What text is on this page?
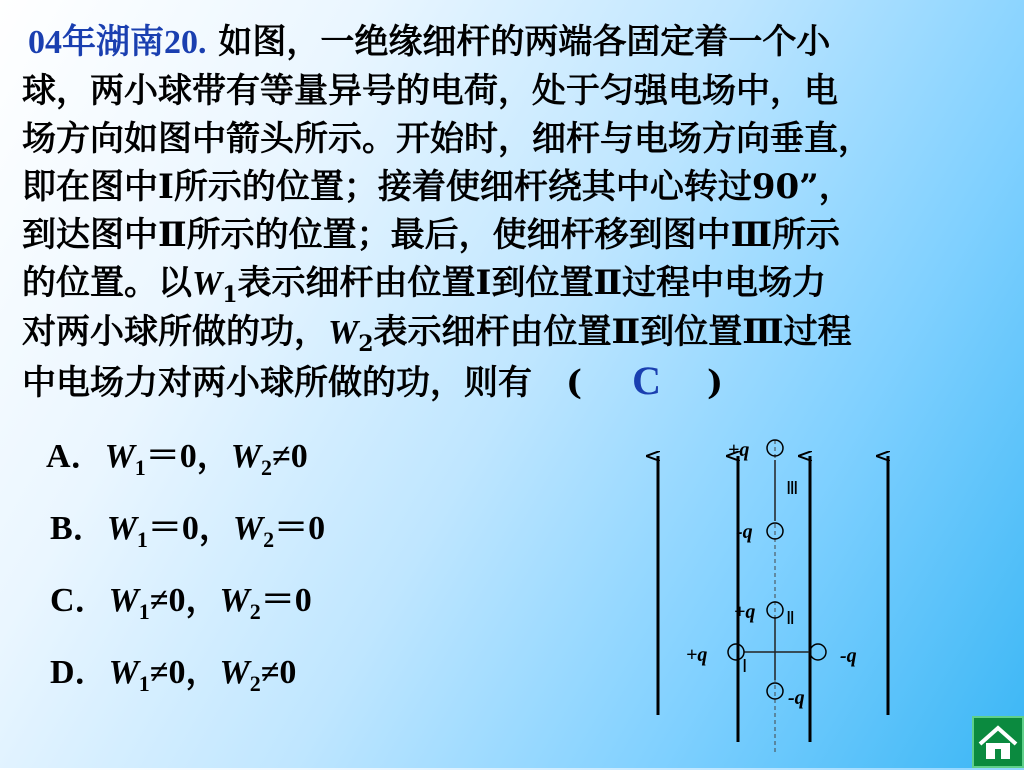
04年湖南20. 如图，一绝缘细杆的两端各固定着一个小
球，两小球带有等量异号的电荷，处于匀强电场中，电
场方向如图中箭头所示。开始时，细杆与电场方向垂直，
即在图中Ⅰ所示的位置；接着使细杆绕其中心转过90”，
到达图中Ⅱ所示的位置；最后，使细杆移到图中Ⅲ所示
的位置。以$W_1$表示细杆由位置Ⅰ到位置Ⅱ过程中电场力
对两小球所做的功，$W_2$表示细杆由位置Ⅱ到位置Ⅲ过程
中电场力对两小球所做的功，则有 ( C )
A．$W_1=0$，$W_2\ne 0$
B．$W_1=0$，$W_2=0$
C．$W_1\ne 0$，$W_2=0$
D．$W_1\ne 0$，$W_2\ne 0$
+q
-q
+q
+q	-q
-q
Ⅲ
Ⅱ
Ⅰ
